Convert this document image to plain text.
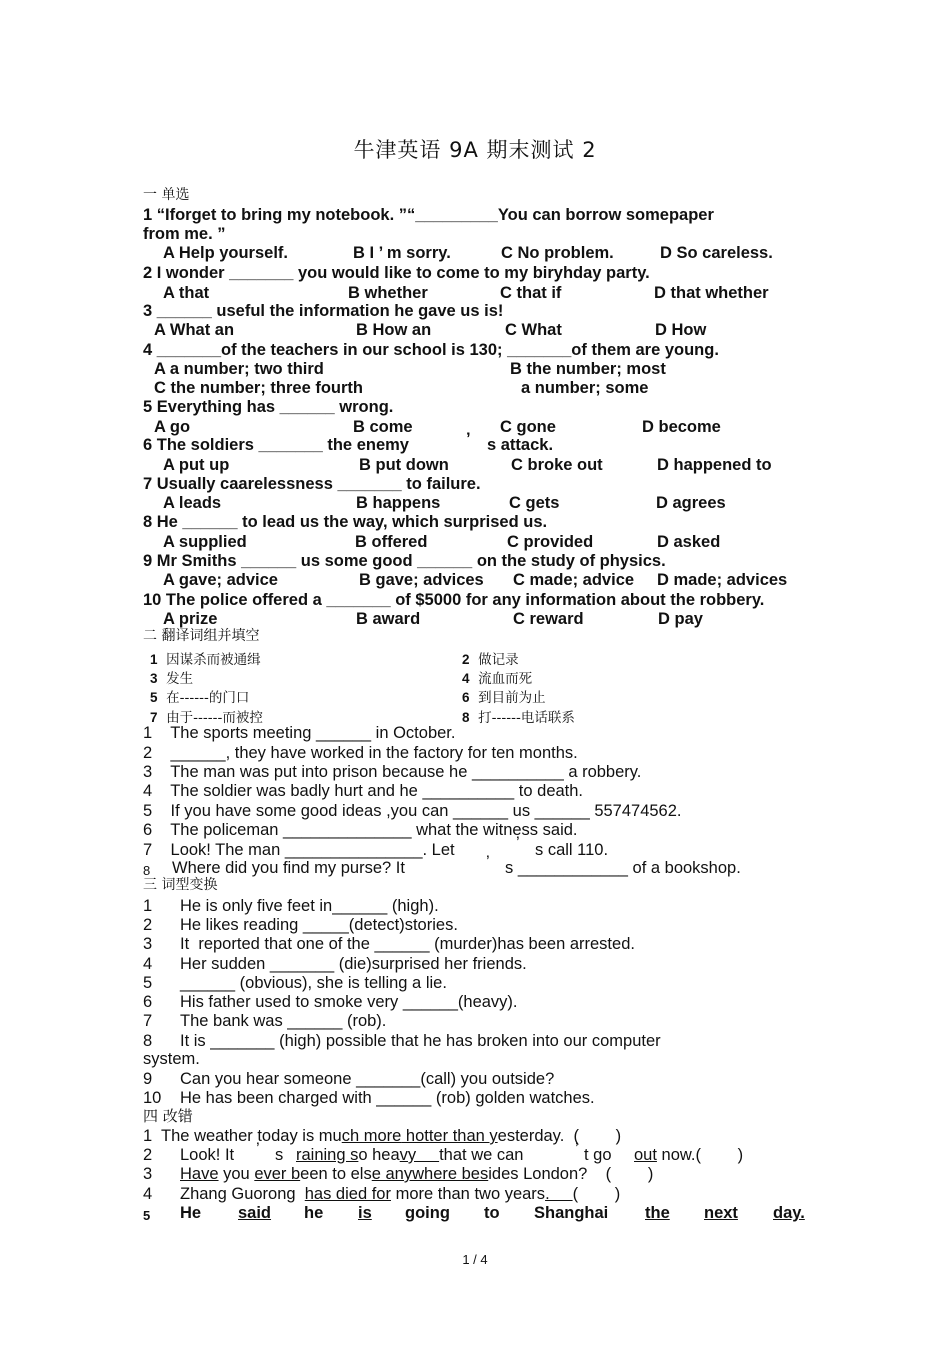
牛津英语 9A 期末测试 2
一 单选
1 “Iforget to bring my notebook. ”“_________You can borrow somepaper
from me. ”
A Help yourself.	B I ’ m sorry.	C No problem.	D So careless.
2 I wonder _______ you would like to come to my biryhday party.
A that	B whether	C that if	D that whether
3 ______ useful the information he gave us is!
A What an	B How an	C What	D How
4 _______of the teachers in our school is 130; _______of them are young.
A a number; two third	B the number; most
C the number; three fourth	a number; some
5 Everything has ______ wrong.
A go	B come	C gone	D become
6 The soldiers _______ the enemy	’ s attack.
A put up	B put down	C broke out	D happened to
7 Usually caarelessness _______ to failure.
A leads	B happens	C gets	D agrees
8 He ______ to lead us the way, which surprised us.
A supplied	B offered	C provided	D asked
9 Mr Smiths ______ us some good ______ on the study of physics.
A gave; advice	B gave; advices C made; advice D made; advices
10 The police offered a _______ of $5000 for any information about the robbery.
A prize	B award	C reward	D pay
二 翻译词组并填空
1 因谋杀而被通缉	2 做记录
3 发生	4 流血而死
5 在------的门口	6 到目前为止
7 由于------而被控	8 打------电话联系
1    The sports meeting ______ in October.
2    ______, they have worked in the factory for ten months.
3    The man was put into prison because he __________ a robbery.
4    The soldier was badly hurt and he __________ to death.
5    If you have some good ideas ,you can ______ us ______ 557474562.
6    The policeman ______________ what the witness said.
7    Look! The man _______________. Let	’ s call 110.
8 Where did you find my purse? It	’ s ____________ of a bookshop.
三 词型变换
1 He is only five feet in______ (high).
2 He likes reading _____(detect)stories.
3 It  reported that one of the ______ (murder)has been arrested.
4 Her sudden _______ (die)surprised her friends.
5 ______ (obvious), she is telling a lie.
6 His father used to smoke very ______(heavy).
7 The bank was ______ (rob).
8 It is _______ (high) possible that he has broken into our computer
system.
9 Can you hear someone _______(call) you outside?
10 He has been charged with ______ (rob) golden watches.
四 改错
1  The weather today is much more hotter than yesterday.  (        )
2 Look! It ’ s raining so heavy     that we can	’ t go out now.(        )
3 Have you ever been to else anywhere besides London?    (        )
4 Zhang Guorong  has died for more than two years.     (        )
5 He said he is going to Shanghai the next day.
1 / 4
